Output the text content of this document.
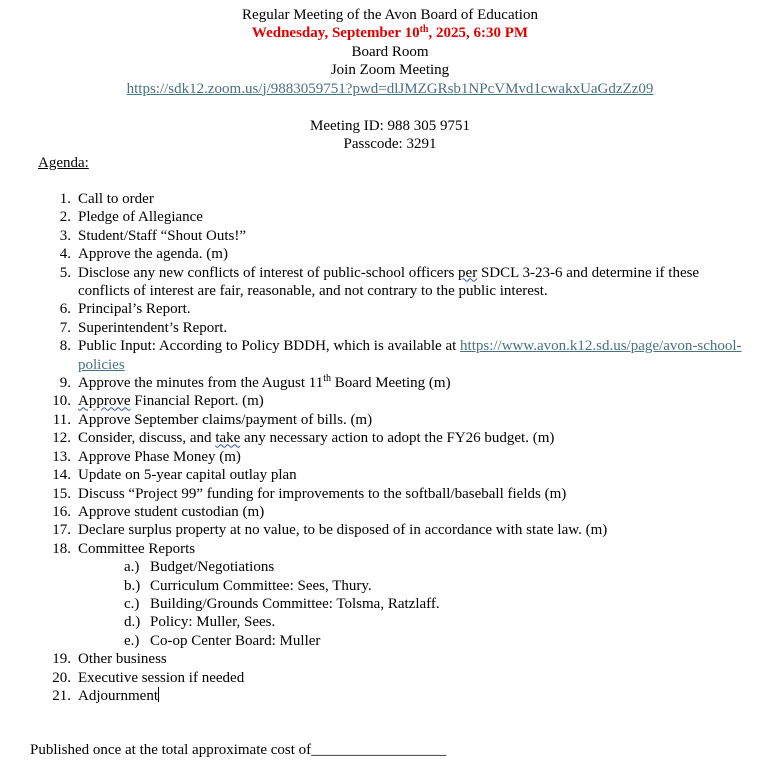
Regular Meeting of the Avon Board of Education
Wednesday, September 10th, 2025, 6:30 PM
Board Room
Join Zoom Meeting
https://sdk12.zoom.us/j/9883059751?pwd=dlJMZGRsb1NPcVMvd1cwakxUaGdzZz09
Meeting ID: 988 305 9751
Passcode: 3291
Agenda:
1. Call to order
2. Pledge of Allegiance
3. Student/Staff “Shout Outs!”
4. Approve the agenda. (m)
5. Disclose any new conflicts of interest of public-school officers per SDCL 3-23-6 and determine if these conflicts of interest are fair, reasonable, and not contrary to the public interest.
6. Principal’s Report.
7. Superintendent’s Report.
8. Public Input: According to Policy BDDH, which is available at https://www.avon.k12.sd.us/page/avon-school-policies
9. Approve the minutes from the August 11th Board Meeting (m)
10. Approve Financial Report. (m)
11. Approve September claims/payment of bills. (m)
12. Consider, discuss, and take any necessary action to adopt the FY26 budget. (m)
13. Approve Phase Money (m)
14. Update on 5-year capital outlay plan
15. Discuss “Project 99” funding for improvements to the softball/baseball fields (m)
16. Approve student custodian (m)
17. Declare surplus property at no value, to be disposed of in accordance with state law. (m)
18. Committee Reports
a.) Budget/Negotiations
b.) Curriculum Committee: Sees, Thury.
c.) Building/Grounds Committee: Tolsma, Ratzlaff.
d.) Policy: Muller, Sees.
e.) Co-op Center Board: Muller
19. Other business
20. Executive session if needed
21. Adjournment
Published once at the total approximate cost of__________________
